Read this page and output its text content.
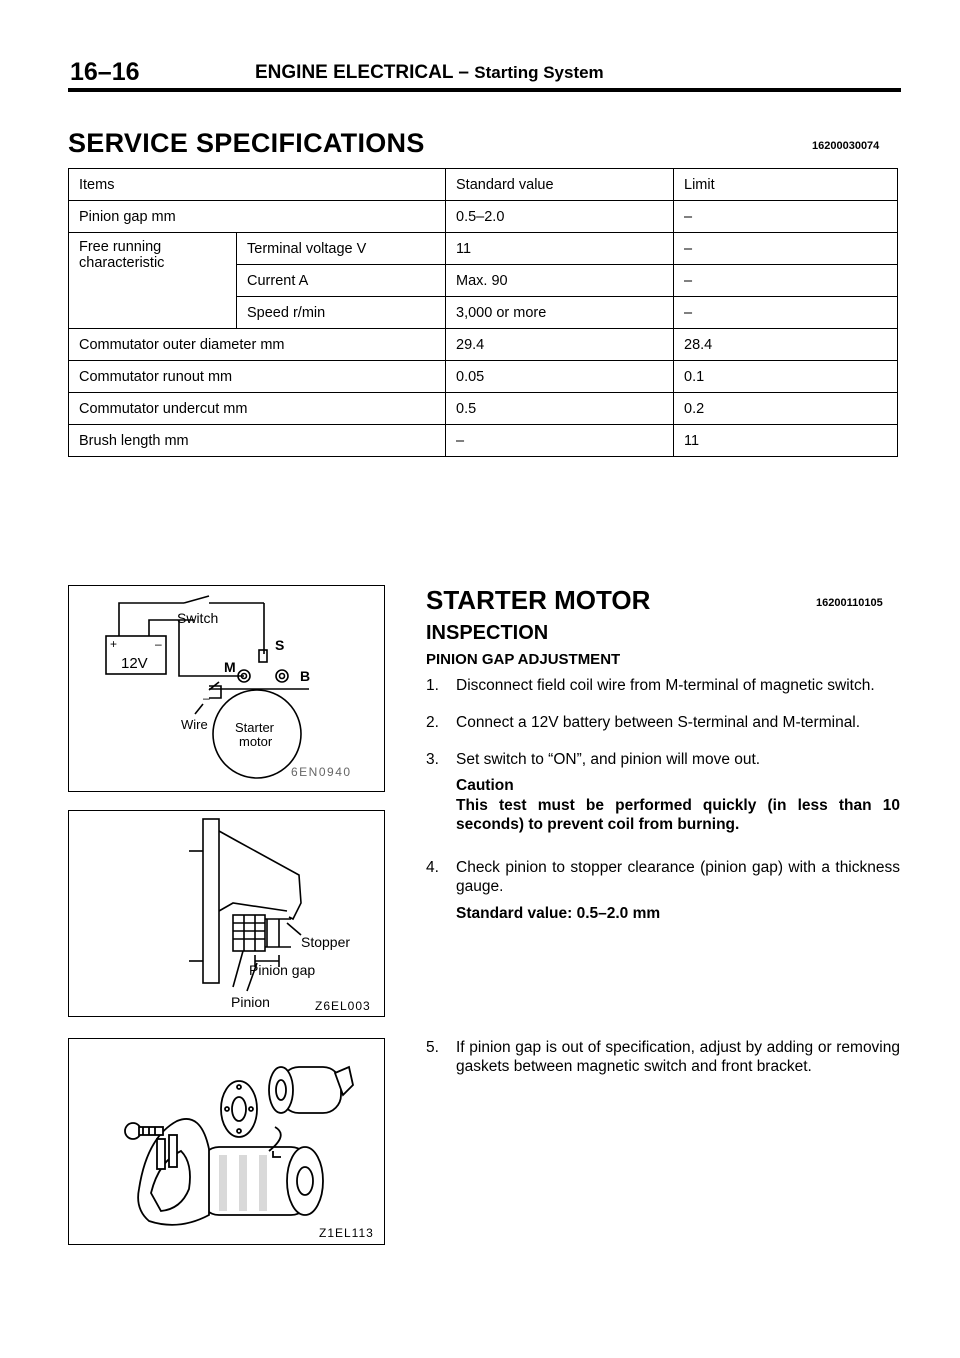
16–16	ENGINE ELECTRICAL – Starting System
SERVICE SPECIFICATIONS	16200030074
Items		Standard value	Limit
Pinion gap mm		0.5–2.0	–
Free running characteristic	Terminal voltage V	11	–
	Current A	Max. 90	–
	Speed r/min	3,000 or more	–
Commutator outer diameter mm		29.4	28.4
Commutator runout mm		0.05	0.1
Commutator undercut mm		0.5	0.2
Brush length mm		–	11
Switch
+	–
12V
S
M
B
–
Wire Starter
motor
6EN0940
Stopper
Pinion gap
Pinion	Z6EL003
Z1EL113
STARTER MOTOR	16200110105
INSPECTION
PINION GAP ADJUSTMENT
1. Disconnect field coil wire from M-terminal of magnetic switch.
2. Connect a 12V battery between S-terminal and M-terminal.
3. Set switch to “ON”, and pinion will move out.
Caution
This test must be performed quickly (in less than 10 seconds) to prevent coil from burning.
4. Check pinion to stopper clearance (pinion gap) with a thickness gauge.
Standard value: 0.5–2.0 mm
5. If pinion gap is out of specification, adjust by adding or removing gaskets between magnetic switch and front bracket.
